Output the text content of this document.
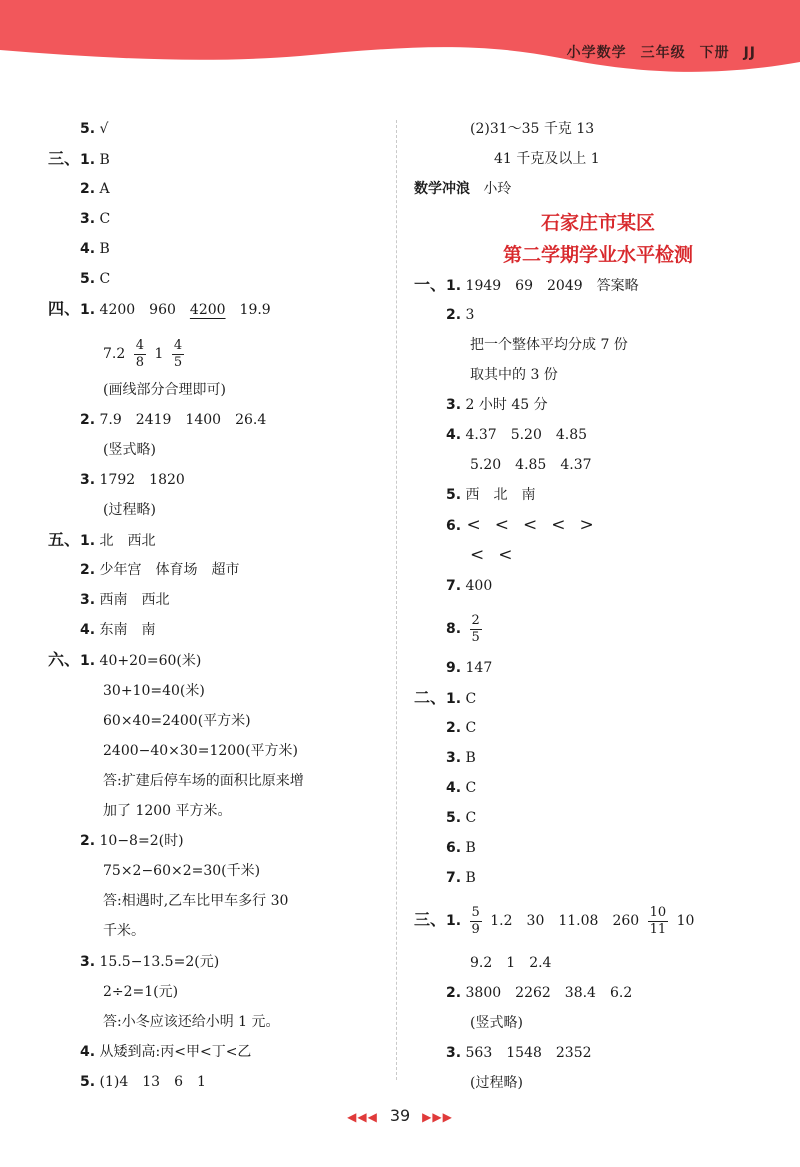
小学数学 三年级 下册 JJ
5. √
三、1. B
2. A
3. C
4. B
5. C
四、1. 4200 960 4200 19.9
$7.2 \frac{4}{8} 1 \frac{4}{5}$
(画线部分合理即可)
2. 7.9 2419 1400 26.4
(竖式略)
3. 1792 1820
(过程略)
五、1. 北 西北
2. 少年宫 体育场 超市
3. 西南 西北
4. 东南 南
六、1. 40+20=60(米)
30+10=40(米)
60×40=2400(平方米)
2400−40×30=1200(平方米)
答:扩建后停车场的面积比原来增
加了 1200 平方米。
2. 10−8=2(时)
75×2−60×2=30(千米)
答:相遇时,乙车比甲车多行 30
千米。
3. 15.5−13.5=2(元)
2÷2=1(元)
答:小冬应该还给小明 1 元。
4. 从矮到高:丙<甲<丁<乙
5. (1)4 13 6 1
(2)31～35 千克 13
41 千克及以上 1
数学冲浪 小玲
石家庄市某区
第二学期学业水平检测
一、1. 1949 69 2049 答案略
2. 3
把一个整体平均分成 7 份
取其中的 3 份
3. 2 小时 45 分
4. 4.37 5.20 4.85
5.20 4.85 4.37
5. 西 北 南
6. < < < < >
< <
7. 400
8. $\frac{2}{5}$
9. 147
二、1. C
2. C
3. B
4. C
5. C
6. B
7. B
三、1. $\frac{5}{9} 1.2$ 30 11.08 $260 \frac{10}{11} 10$
9.2 1 2.4
2. 3800 2262 38.4 6.2
(竖式略)
3. 563 1548 2352
(过程略)
◀◀◀ 39 ▶▶▶
